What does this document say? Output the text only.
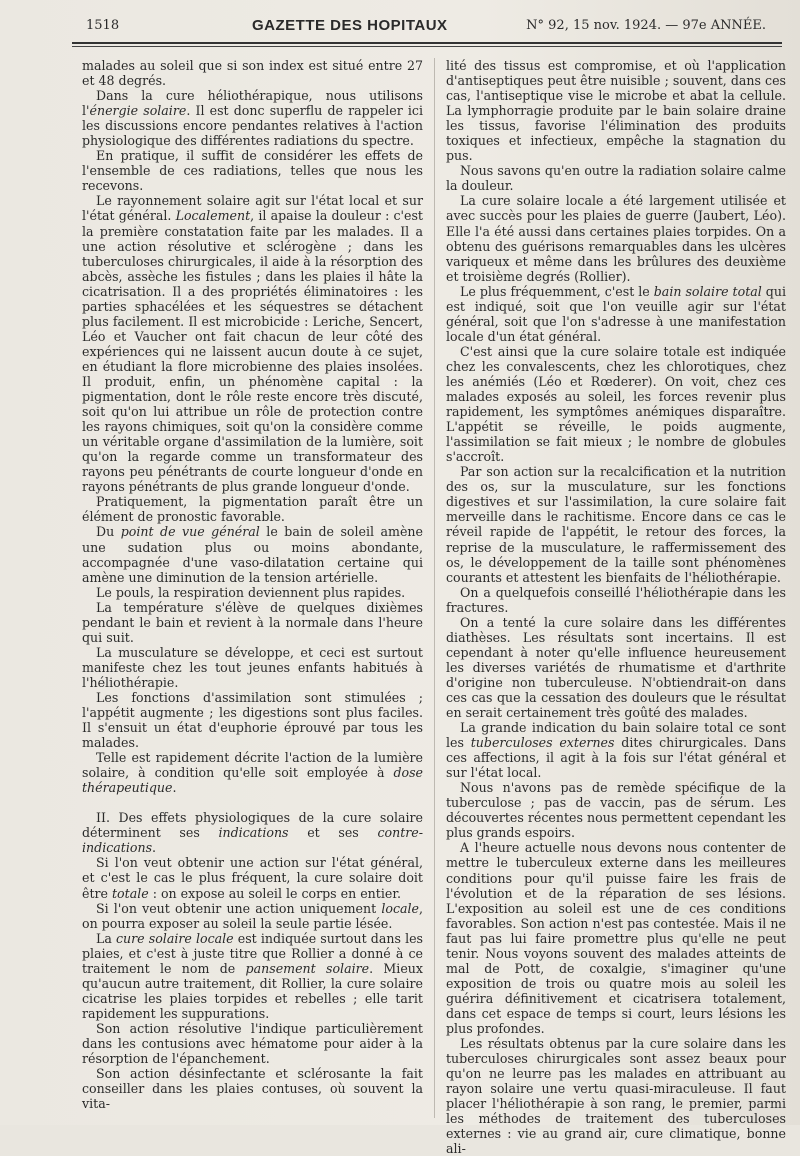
1518	GAZETTE DES HOPITAUX	N° 92, 15 nov. 1924. — 97e ANNÉE.

malades au soleil que si son index est situé entre 27 et 48 degrés.

Dans la cure héliothérapique, nous utilisons l'énergie solaire. Il est donc superflu de rappeler ici les discussions encore pendantes relatives à l'action physiologique des différentes radiations du spectre.

En pratique, il suffit de considérer les effets de l'ensemble de ces radiations, telles que nous les recevons.

Le rayonnement solaire agit sur l'état local et sur l'état général. Localement, il apaise la douleur : c'est la première constatation faite par les malades. Il a une action résolutive et sclérogène ; dans les tuberculoses chirurgicales, il aide à la résorption des abcès, assèche les fistules ; dans les plaies il hâte la cicatrisation. Il a des propriétés éliminatoires : les parties sphacélées et les séquestres se détachent plus facilement. Il est microbicide : Leriche, Sencert, Léo et Vaucher ont fait chacun de leur côté des expériences qui ne laissent aucun doute à ce sujet, en étudiant la flore microbienne des plaies insolées. Il produit, enfin, un phénomène capital : la pigmentation, dont le rôle reste encore très discuté, soit qu'on lui attribue un rôle de protection contre les rayons chimiques, soit qu'on la considère comme un véritable organe d'assimilation de la lumière, soit qu'on la regarde comme un transformateur des rayons peu pénétrants de courte longueur d'onde en rayons pénétrants de plus grande longueur d'onde.

Pratiquement, la pigmentation paraît être un élément de pronostic favorable.

Du point de vue général le bain de soleil amène une sudation plus ou moins abondante, accompagnée d'une vaso-dilatation certaine qui amène une diminution de la tension artérielle.

Le pouls, la respiration deviennent plus rapides.

La température s'élève de quelques dixièmes pendant le bain et revient à la normale dans l'heure qui suit.

La musculature se développe, et ceci est surtout manifeste chez les tout jeunes enfants habitués à l'héliothérapie.

Les fonctions d'assimilation sont stimulées ; l'appétit augmente ; les digestions sont plus faciles. Il s'ensuit un état d'euphorie éprouvé par tous les malades.

Telle est rapidement décrite l'action de la lumière solaire, à condition qu'elle soit employée à dose thérapeutique.

II. Des effets physiologiques de la cure solaire déterminent ses indications et ses contre-indications.

Si l'on veut obtenir une action sur l'état général, et c'est le cas le plus fréquent, la cure solaire doit être totale : on expose au soleil le corps en entier.

Si l'on veut obtenir une action uniquement locale, on pourra exposer au soleil la seule partie lésée.

La cure solaire locale est indiquée surtout dans les plaies, et c'est à juste titre que Rollier a donné à ce traitement le nom de pansement solaire. Mieux qu'aucun autre traitement, dit Rollier, la cure solaire cicatrise les plaies torpides et rebelles ; elle tarit rapidement les suppurations.

Son action résolutive l'indique particulièrement dans les contusions avec hématome pour aider à la résorption de l'épanchement.

Son action désinfectante et sclérosante la fait conseiller dans les plaies contuses, où souvent la vita-

lité des tissus est compromise, et où l'application d'antiseptiques peut être nuisible ; souvent, dans ces cas, l'antiseptique vise le microbe et abat la cellule. La lymphorragie produite par le bain solaire draine les tissus, favorise l'élimination des produits toxiques et infectieux, empêche la stagnation du pus.

Nous savons qu'en outre la radiation solaire calme la douleur.

La cure solaire locale a été largement utilisée et avec succès pour les plaies de guerre (Jaubert, Léo). Elle l'a été aussi dans certaines plaies torpides. On a obtenu des guérisons remarquables dans les ulcères variqueux et même dans les brûlures des deuxième et troisième degrés (Rollier).

Le plus fréquemment, c'est le bain solaire total qui est indiqué, soit que l'on veuille agir sur l'état général, soit que l'on s'adresse à une manifestation locale d'un état général.

C'est ainsi que la cure solaire totale est indiquée chez les convalescents, chez les chlorotiques, chez les anémiés (Léo et Rœderer). On voit, chez ces malades exposés au soleil, les forces revenir plus rapidement, les symptômes anémiques disparaître. L'appétit se réveille, le poids augmente, l'assimilation se fait mieux ; le nombre de globules s'accroît.

Par son action sur la recalcification et la nutrition des os, sur la musculature, sur les fonctions digestives et sur l'assimilation, la cure solaire fait merveille dans le rachitisme. Encore dans ce cas le réveil rapide de l'appétit, le retour des forces, la reprise de la musculature, le raffermissement des os, le développement de la taille sont phénomènes courants et attestent les bienfaits de l'héliothérapie.

On a quelquefois conseillé l'héliothérapie dans les fractures.

On a tenté la cure solaire dans les différentes diathèses. Les résultats sont incertains. Il est cependant à noter qu'elle influence heureusement les diverses variétés de rhumatisme et d'arthrite d'origine non tuberculeuse. N'obtiendrait-on dans ces cas que la cessation des douleurs que le résultat en serait certainement très goûté des malades.

La grande indication du bain solaire total ce sont les tuberculoses externes dites chirurgicales. Dans ces affections, il agit à la fois sur l'état général et sur l'état local.

Nous n'avons pas de remède spécifique de la tuberculose ; pas de vaccin, pas de sérum. Les découvertes récentes nous permettent cependant les plus grands espoirs.

A l'heure actuelle nous devons nous contenter de mettre le tuberculeux externe dans les meilleures conditions pour qu'il puisse faire les frais de l'évolution et de la réparation de ses lésions. L'exposition au soleil est une de ces conditions favorables. Son action n'est pas contestée. Mais il ne faut pas lui faire promettre plus qu'elle ne peut tenir. Nous voyons souvent des malades atteints de mal de Pott, de coxalgie, s'imaginer qu'une exposition de trois ou quatre mois au soleil les guérira définitivement et cicatrisera totalement, dans cet espace de temps si court, leurs lésions les plus profondes.

Les résultats obtenus par la cure solaire dans les tuberculoses chirurgicales sont assez beaux pour qu'on ne leurre pas les malades en attribuant au rayon solaire une vertu quasi-miraculeuse. Il faut placer l'héliothérapie à son rang, le premier, parmi les méthodes de traitement des tuberculoses externes : vie au grand air, cure climatique, bonne ali-
